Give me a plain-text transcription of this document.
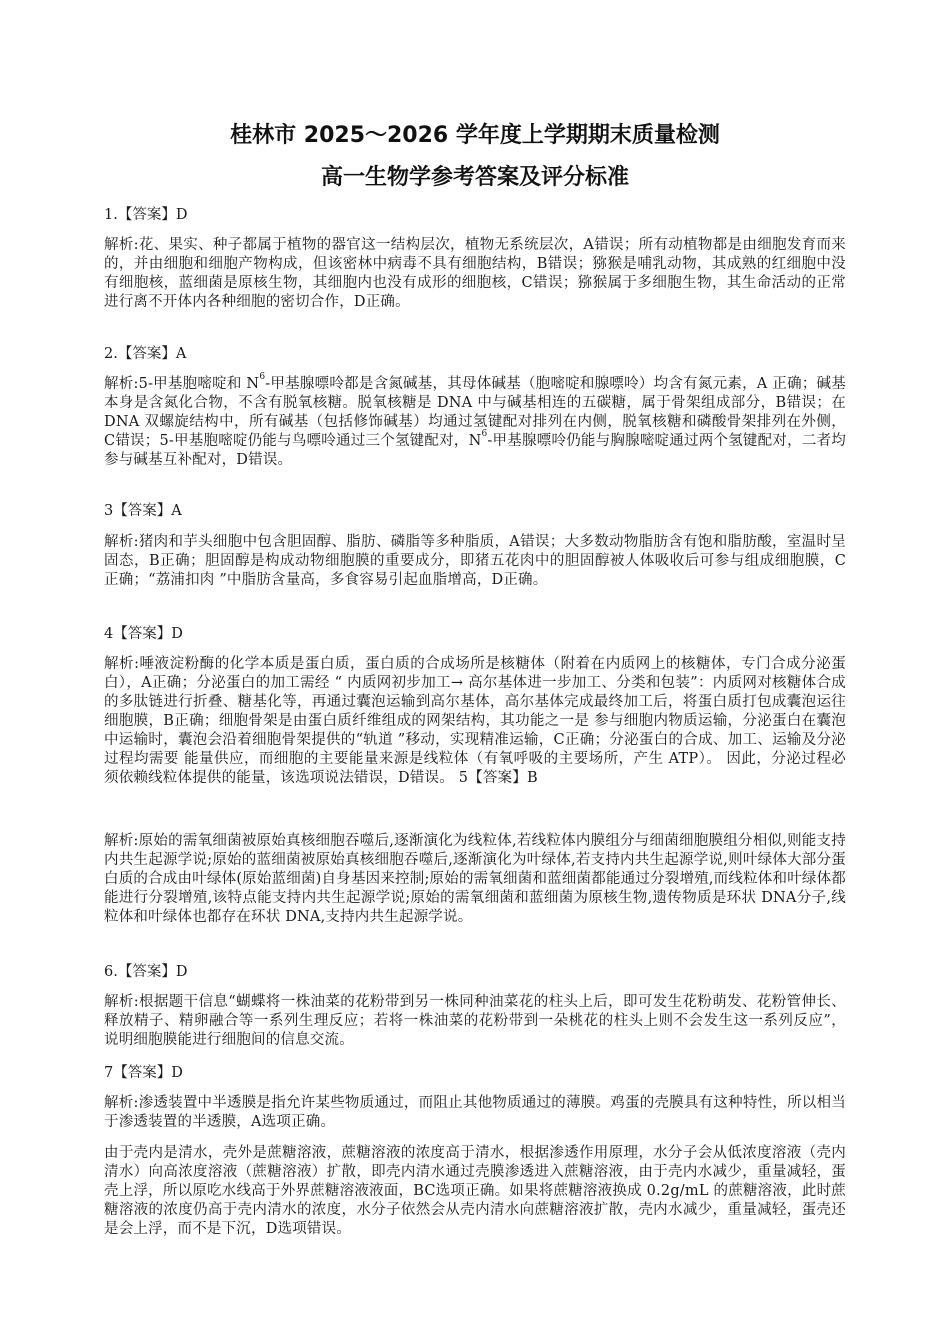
桂林市 2025～2026 学年度上学期期末质量检测
高一生物学参考答案及评分标准
1.【答案】D
解析:花、果实、种子都属于植物的器官这一结构层次，植物无系统层次，A错误；所有动植物都是由细胞发育而来的，并由细胞和细胞产物构成，但该密林中病毒不具有细胞结构，B错误；猕猴是哺乳动物，其成熟的红细胞中没有细胞核，蓝细菌是原核生物，其细胞内也没有成形的细胞核，C错误；猕猴属于多细胞生物，其生命活动的正常进行离不开体内各种细胞的密切合作，D正确。
2.【答案】A
解析:5-甲基胞嘧啶和 $N^6-$甲基腺嘌呤都是含氮碱基，其母体碱基（胞嘧啶和腺嘌呤）均含有氮元素，A 正确；碱基本身是含氮化合物，不含有脱氧核糖。脱氧核糖是 DNA 中与碱基相连的五碳糖，属于骨架组成部分，B错误；在 DNA 双螺旋结构中，所有碱基（包括修饰碱基）均通过氢键配对排列在内侧，脱氧核糖和磷酸骨架排列在外侧，C错误；5-甲基胞嘧啶仍能与鸟嘌呤通过三个氢键配对，$N^6-$甲基腺嘌呤仍能与胸腺嘧啶通过两个氢键配对，二者均参与碱基互补配对，D错误。
3【答案】A
解析:猪肉和芋头细胞中包含胆固醇、脂肪、磷脂等多种脂质，A错误；大多数动物脂肪含有饱和脂肪酸，室温时呈固态，B正确；胆固醇是构成动物细胞膜的重要成分，即猪五花肉中的胆固醇被人体吸收后可参与组成细胞膜，C正确；“荔浦扣肉 ”中脂肪含量高，多食容易引起血脂增高，D正确。
4【答案】D
解析:唾液淀粉酶的化学本质是蛋白质，蛋白质的合成场所是核糖体（附着在内质网上的核糖体，专门合成分泌蛋白），A正确；分泌蛋白的加工需经 “ 内质网初步加工→ 高尔基体进一步加工、分类和包装”：内质网对核糖体合成的多肽链进行折叠、糖基化等，再通过囊泡运输到高尔基体，高尔基体完成最终加工后，将蛋白质打包成囊泡运往细胞膜，B正确；细胞骨架是由蛋白质纤维组成的网架结构，其功能之一是 参与细胞内物质运输，分泌蛋白在囊泡中运输时，囊泡会沿着细胞骨架提供的“轨道 ”移动，实现精准运输，C正确；分泌蛋白的合成、加工、运输及分泌过程均需要 能量供应，而细胞的主要能量来源是线粒体（有氧呼吸的主要场所，产生 ATP）。 因此，分泌过程必须依赖线粒体提供的能量，该选项说法错误，D错误。 5【答案】B
解析:原始的需氧细菌被原始真核细胞吞噬后,逐渐演化为线粒体,若线粒体内膜组分与细菌细胞膜组分相似,则能支持内共生起源学说;原始的蓝细菌被原始真核细胞吞噬后,逐渐演化为叶绿体,若支持内共生起源学说,则叶绿体大部分蛋白质的合成由叶绿体(原始蓝细菌)自身基因来控制;原始的需氧细菌和蓝细菌都能通过分裂增殖,而线粒体和叶绿体都能进行分裂增殖,该特点能支持内共生起源学说;原始的需氧细菌和蓝细菌为原核生物,遗传物质是环状 DNA分子,线粒体和叶绿体也都存在环状 DNA,支持内共生起源学说。
6.【答案】D
解析:根据题干信息“蝴蝶将一株油菜的花粉带到另一株同种油菜花的柱头上后，即可发生花粉萌发、花粉管伸长、释放精子、精卵融合等一系列生理反应；若将一株油菜的花粉带到一朵桃花的柱头上则不会发生这一系列反应”，说明细胞膜能进行细胞间的信息交流。
7【答案】D
解析:渗透装置中半透膜是指允许某些物质通过，而阻止其他物质通过的薄膜。鸡蛋的壳膜具有这种特性，所以相当于渗透装置的半透膜，A选项正确。
由于壳内是清水，壳外是蔗糖溶液，蔗糖溶液的浓度高于清水，根据渗透作用原理，水分子会从低浓度溶液（壳内清水）向高浓度溶液（蔗糖溶液）扩散，即壳内清水通过壳膜渗透进入蔗糖溶液，由于壳内水减少，重量减轻，蛋壳上浮，所以原吃水线高于外界蔗糖溶液液面，BC选项正确。如果将蔗糖溶液换成 0.2g/mL 的蔗糖溶液，此时蔗糖溶液的浓度仍高于壳内清水的浓度，水分子依然会从壳内清水向蔗糖溶液扩散，壳内水减少，重量减轻，蛋壳还是会上浮，而不是下沉，D选项错误。
